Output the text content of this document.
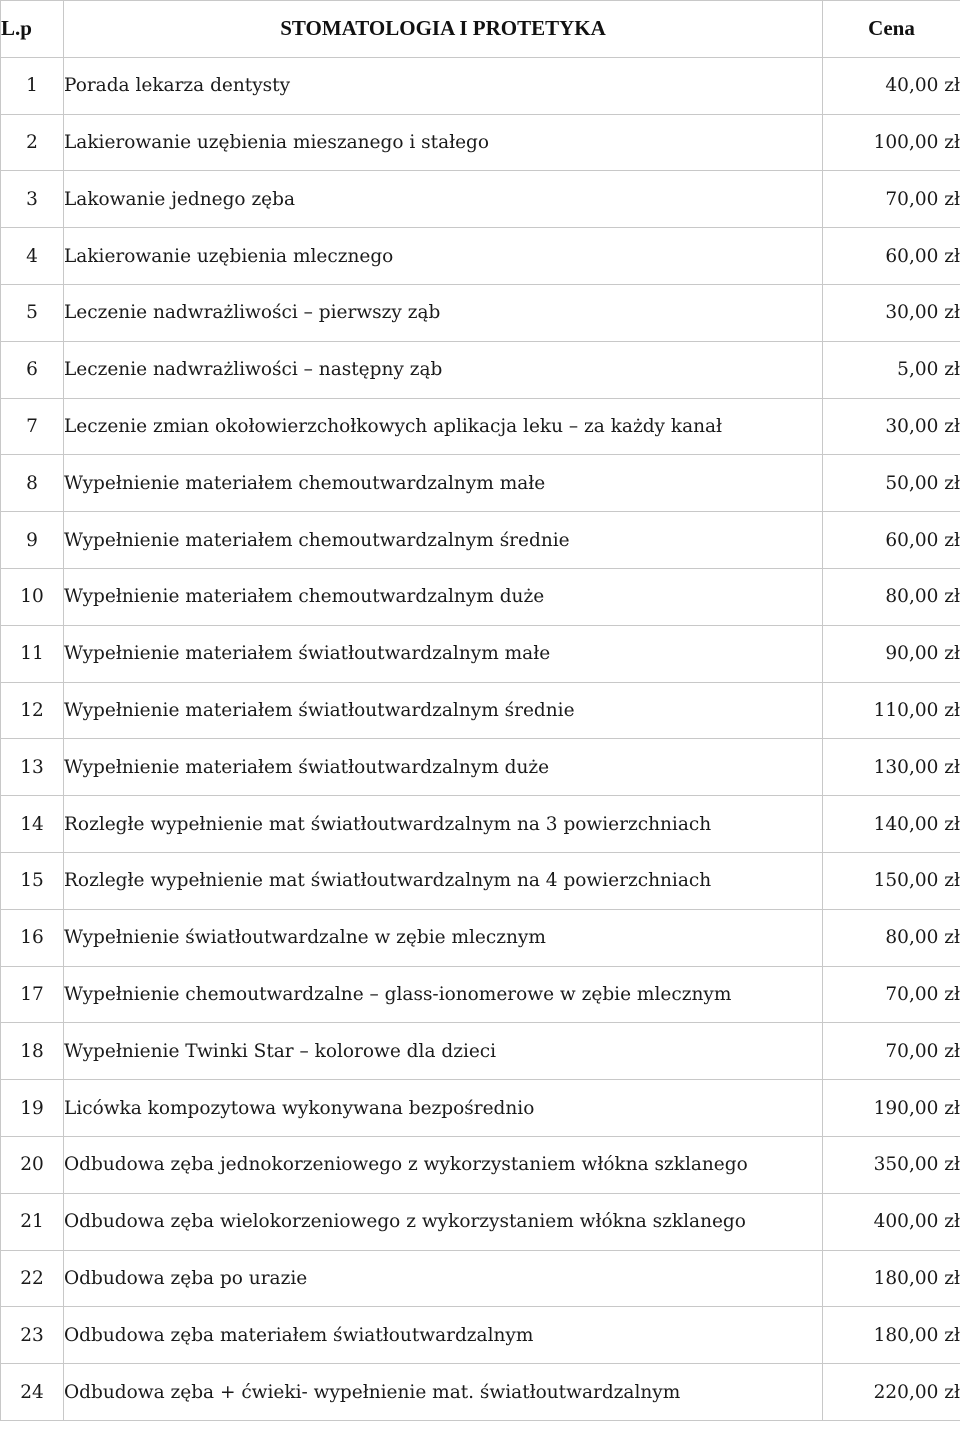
L.p	STOMATOLOGIA I PROTETYKA	Cena
1	Porada lekarza dentysty	40,00 zł
2	Lakierowanie uzębienia mieszanego i stałego	100,00 zł
3	Lakowanie jednego zęba	70,00 zł
4	Lakierowanie uzębienia mlecznego	60,00 zł
5	Leczenie nadwrażliwości – pierwszy ząb	30,00 zł
6	Leczenie nadwrażliwości – następny ząb	5,00 zł
7	Leczenie zmian okołowierzchołkowych aplikacja leku – za każdy kanał	30,00 zł
8	Wypełnienie materiałem chemoutwardzalnym małe	50,00 zł
9	Wypełnienie materiałem chemoutwardzalnym średnie	60,00 zł
10	Wypełnienie materiałem chemoutwardzalnym duże	80,00 zł
11	Wypełnienie materiałem światłoutwardzalnym małe	90,00 zł
12	Wypełnienie materiałem światłoutwardzalnym średnie	110,00 zł
13	Wypełnienie materiałem światłoutwardzalnym duże	130,00 zł
14	Rozległe wypełnienie mat światłoutwardzalnym na 3 powierzchniach	140,00 zł
15	Rozległe wypełnienie mat światłoutwardzalnym na 4 powierzchniach	150,00 zł
16	Wypełnienie światłoutwardzalne w zębie mlecznym	80,00 zł
17	Wypełnienie chemoutwardzalne – glass-ionomerowe w zębie mlecznym	70,00 zł
18	Wypełnienie Twinki Star – kolorowe dla dzieci	70,00 zł
19	Licówka kompozytowa wykonywana bezpośrednio	190,00 zł
20	Odbudowa zęba jednokorzeniowego z wykorzystaniem włókna szklanego	350,00 zł
21	Odbudowa zęba wielokorzeniowego z wykorzystaniem włókna szklanego	400,00 zł
22	Odbudowa zęba po urazie	180,00 zł
23	Odbudowa zęba materiałem światłoutwardzalnym	180,00 zł
24	Odbudowa zęba + ćwieki- wypełnienie mat. światłoutwardzalnym	220,00 zł
